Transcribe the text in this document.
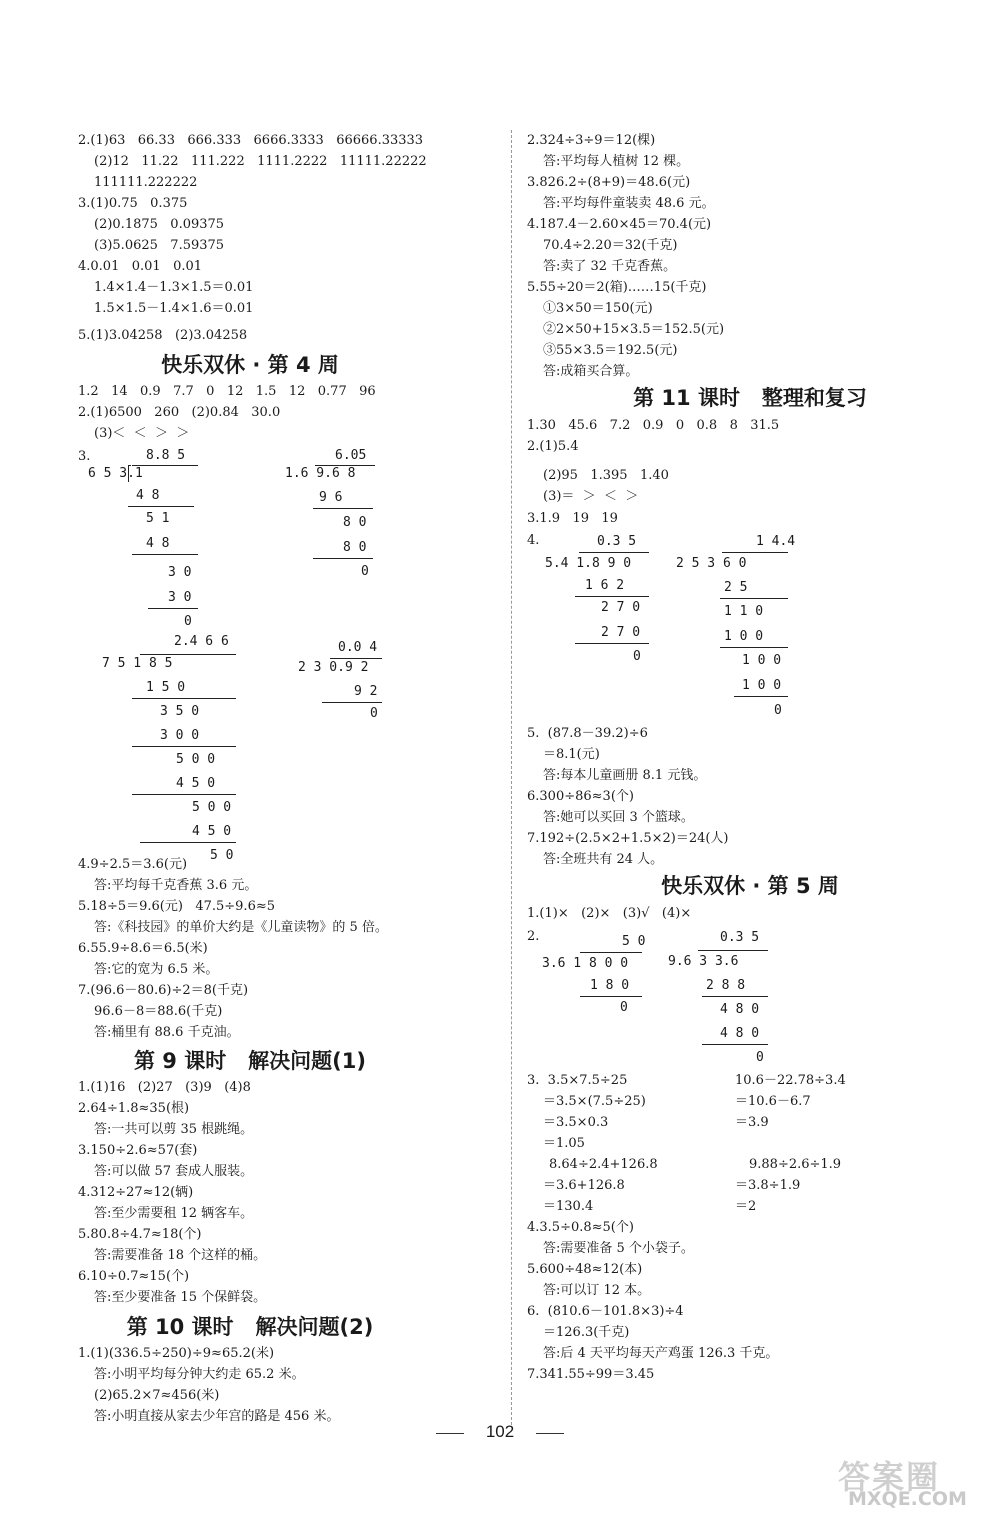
2.(1)63   66.33   666.333   6666.3333   66666.33333
(2)12   11.22   111.222   1111.2222   11111.22222
111111.222222
3.(1)0.75   0.375
(2)0.1875   0.09375
(3)5.0625   7.59375
4.0.01   0.01   0.01
1.4×1.4－1.3×1.5＝0.01
1.5×1.5－1.4×1.6＝0.01
5.(1)3.04258   (2)3.04258
快乐双休 · 第 4 周
1.2   14   0.9   7.7   0   12   1.5   12   0.77   96
2.(1)6500   260   (2)0.84   30.0
(3)＜  ＜  ＞  ＞
3.	8.8 5
6 5 3.1
4 8
5 1
4 8
3 0
3 0
0
6.05
1.6 9.6 8
9 6
8 0
8 0
0
2.4 6 6
7 5 1 8 5
1 5 0
3 5 0
3 0 0
5 0 0
4 5 0
5 0 0
4 5 0
5 0
0.0 4
2 3 0.9 2
9 2
0
4.9÷2.5＝3.6(元)
答:平均每千克香蕉 3.6 元。
5.18÷5＝9.6(元)   47.5÷9.6≈5
答:《科技园》的单价大约是《儿童读物》的 5 倍。
6.55.9÷8.6＝6.5(米)
答:它的宽为 6.5 米。
7.(96.6－80.6)÷2＝8(千克)
96.6－8＝88.6(千克)
答:桶里有 88.6 千克油。
第 9 课时   解决问题(1)
1.(1)16   (2)27   (3)9   (4)8
2.64÷1.8≈35(根)
答:一共可以剪 35 根跳绳。
3.150÷2.6≈57(套)
答:可以做 57 套成人服装。
4.312÷27≈12(辆)
答:至少需要租 12 辆客车。
5.80.8÷4.7≈18(个)
答:需要准备 18 个这样的桶。
6.10÷0.7≈15(个)
答:至少要准备 15 个保鲜袋。
第 10 课时   解决问题(2)
1.(1)(336.5÷250)÷9≈65.2(米)
答:小明平均每分钟大约走 65.2 米。
(2)65.2×7≈456(米)
答:小明直接从家去少年宫的路是 456 米。
2.324÷3÷9＝12(棵)
答:平均每人植树 12 棵。
3.826.2÷(8+9)＝48.6(元)
答:平均每件童装卖 48.6 元。
4.187.4－2.60×45＝70.4(元)
70.4÷2.20＝32(千克)
答:卖了 32 千克香蕉。
5.55÷20＝2(箱)……15(千克)
①3×50＝150(元)
②2×50+15×3.5＝152.5(元)
③55×3.5＝192.5(元)
答:成箱买合算。
第 11 课时   整理和复习
1.30   45.6   7.2   0.9   0   0.8   8   31.5
2.(1)5.4
(2)95   1.395   1.40
(3)＝  ＞  ＜  ＞
3.1.9   19   19
4.	0.3 5
5.4 1.8 9 0
1 6 2
2 7 0
2 7 0
0
1 4.4
2 5 3 6 0
2 5
1 1 0
1 0 0
1 0 0
1 0 0
0
5.  (87.8－39.2)÷6
＝8.1(元)
答:每本儿童画册 8.1 元钱。
6.300÷86≈3(个)
答:她可以买回 3 个篮球。
7.192÷(2.5×2+1.5×2)＝24(人)
答:全班共有 24 人。
快乐双休 · 第 5 周
1.(1)×   (2)×   (3)√   (4)×
2.	5 0
3.6 1 8 0 0
1 8 0
0
0.3 5
9.6 3 3.6
2 8 8
4 8 0
4 8 0
0
3.  3.5×7.5÷25	10.6－22.78÷3.4
＝3.5×(7.5÷25)	＝10.6－6.7
＝3.5×0.3	＝3.9
＝1.05
8.64÷2.4+126.8	9.88÷2.6÷1.9
＝3.6+126.8	＝3.8÷1.9
＝130.4	＝2
4.3.5÷0.8≈5(个)
答:需要准备 5 个小袋子。
5.600÷48≈12(本)
答:可以订 12 本。
6.  (810.6－101.8×3)÷4
＝126.3(千克)
答:后 4 天平均每天产鸡蛋 126.3 千克。
7.341.55÷99＝3.45
102
答案圈
MXQE.COM
